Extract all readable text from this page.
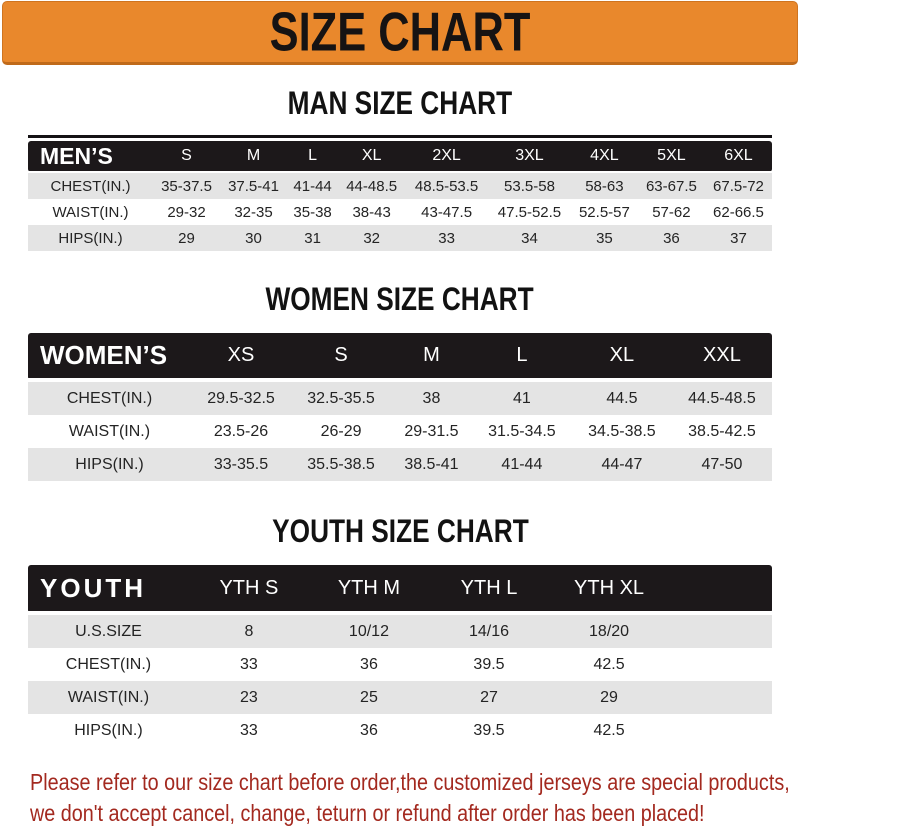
SIZE CHART
MAN SIZE CHART
MEN’S	S	M	L	XL	2XL	3XL	4XL	5XL	6XL
CHEST(IN.)	35-37.5	37.5-41	41-44	44-48.5	48.5-53.5	53.5-58	58-63	63-67.5	67.5-72
WAIST(IN.)	29-32	32-35	35-38	38-43	43-47.5	47.5-52.5	52.5-57	57-62	62-66.5
HIPS(IN.)	29	30	31	32	33	34	35	36	37
WOMEN SIZE CHART
WOMEN’S	XS	S	M	L	XL	XXL
CHEST(IN.)	29.5-32.5	32.5-35.5	38	41	44.5	44.5-48.5
WAIST(IN.)	23.5-26	26-29	29-31.5	31.5-34.5	34.5-38.5	38.5-42.5
HIPS(IN.)	33-35.5	35.5-38.5	38.5-41	41-44	44-47	47-50
YOUTH SIZE CHART
YOUTH	YTH S	YTH M	YTH L	YTH XL	
U.S.SIZE	8	10/12	14/16	18/20	
CHEST(IN.)	33	36	39.5	42.5	
WAIST(IN.)	23	25	27	29	
HIPS(IN.)	33	36	39.5	42.5	
Please refer to our size chart before order,the customized jerseys are special products,
we don't accept cancel, change, teturn or refund after order has been placed!
